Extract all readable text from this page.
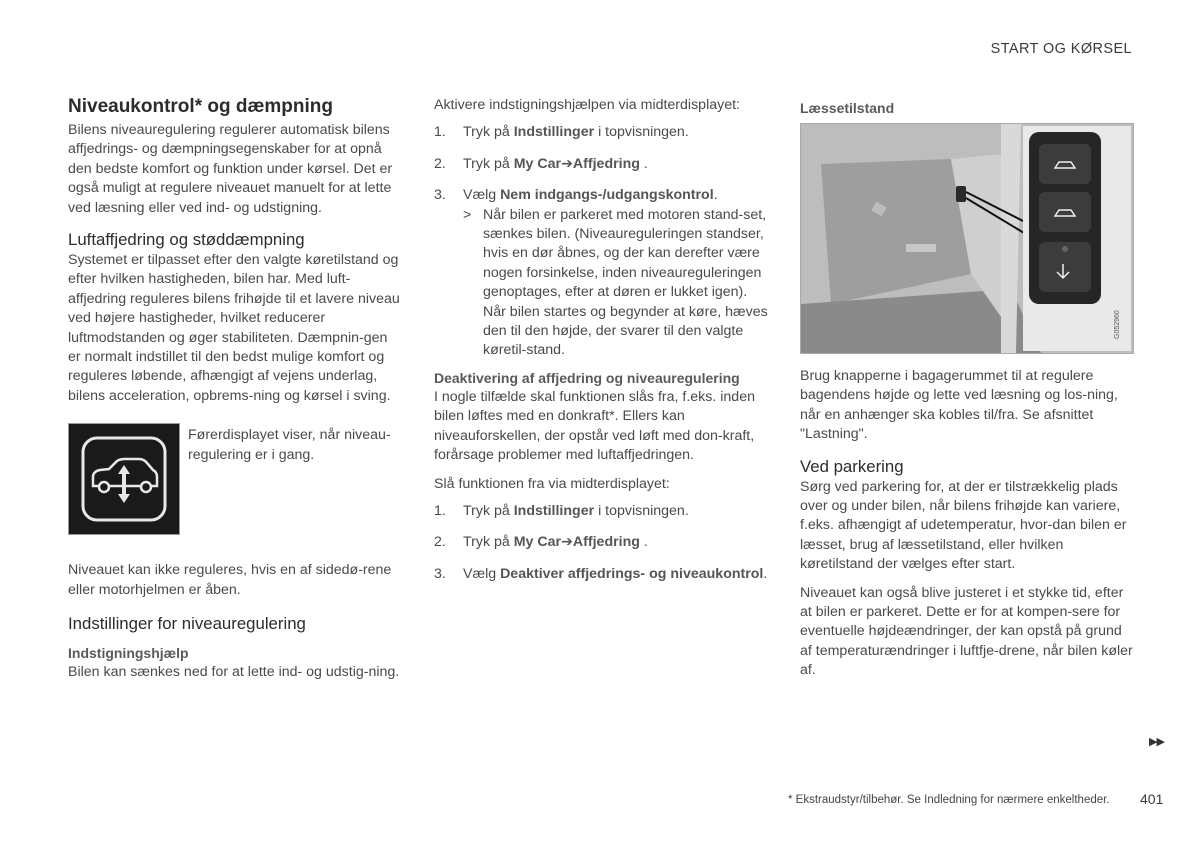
START OG KØRSEL
Niveaukontrol* og dæmpning

Bilens niveauregulering regulerer automatisk bilens affjedrings- og dæmpningsegenskaber for at opnå den bedste komfort og funktion under kørsel. Det er også muligt at regulere niveauet manuelt for at lette ved læsning eller ved ind- og udstigning.

Luftaffjedring og støddæmpning

Systemet er tilpasset efter den valgte køretilstand og efter hvilken hastigheden, bilen har. Med luft-affjedring reguleres bilens frihøjde til et lavere niveau ved højere hastigheder, hvilket reducerer luftmodstanden og øger stabiliteten. Dæmpnin-gen er normalt indstillet til den bedst mulige komfort og reguleres løbende, afhængigt af vejens underlag, bilens acceleration, opbrems-ning og kørsel i sving.

Førerdisplayet viser, når niveau-regulering er i gang.

Niveauet kan ikke reguleres, hvis en af sidedø-rene eller motorhjelmen er åben.

Indstillinger for niveauregulering
Indstigningshjælp

Bilen kan sænkes ned for at lette ind- og udstig-ning.

Aktivere indstigningshjælpen via midterdisplayet:

1. Tryk på Indstillinger i topvisningen.
2. Tryk på My Car➔Affjedring .
3. Vælg Nem indgangs-/udgangskontrol.
> Når bilen er parkeret med motoren stand-set, sænkes bilen. (Niveaureguleringen standser, hvis en dør åbnes, og der kan derefter være nogen forsinkelse, inden niveaureguleringen genoptages, efter at døren er lukket igen). Når bilen startes og begynder at køre, hæves den til den højde, der svarer til den valgte køretil-stand.
Deaktivering af affjedring og niveauregulering

I nogle tilfælde skal funktionen slås fra, f.eks. inden bilen løftes med en donkraft*. Ellers kan niveauforskellen, der opstår ved løft med don-kraft, forårsage problemer med luftaffjedringen.

Slå funktionen fra via midterdisplayet:

1. Tryk på Indstillinger i topvisningen.
2. Tryk på My Car➔Affjedring .
3. Vælg Deaktiver affjedrings- og niveaukontrol.
Læssetilstand
G052960

Brug knapperne i bagagerummet til at regulere bagendens højde og lette ved læsning og los-ning, når en anhænger ska kobles til/fra. Se afsnittet "Lastning".

Ved parkering

Sørg ved parkering for, at der er tilstrækkelig plads over og under bilen, når bilens frihøjde kan variere, f.eks. afhængigt af udetemperatur, hvor-dan bilen er læsset, brug af læssetilstand, eller hvilken køretilstand der vælges efter start.

Niveauet kan også blive justeret i et stykke tid, efter at bilen er parkeret. Dette er for at kompen-sere for eventuelle højdeændringer, der kan opstå på grund af temperaturændringer i luftfje-drene, når bilen køler af.

▶▶
* Ekstraudstyr/tilbehør. Se Indledning for nærmere enkeltheder. 401
